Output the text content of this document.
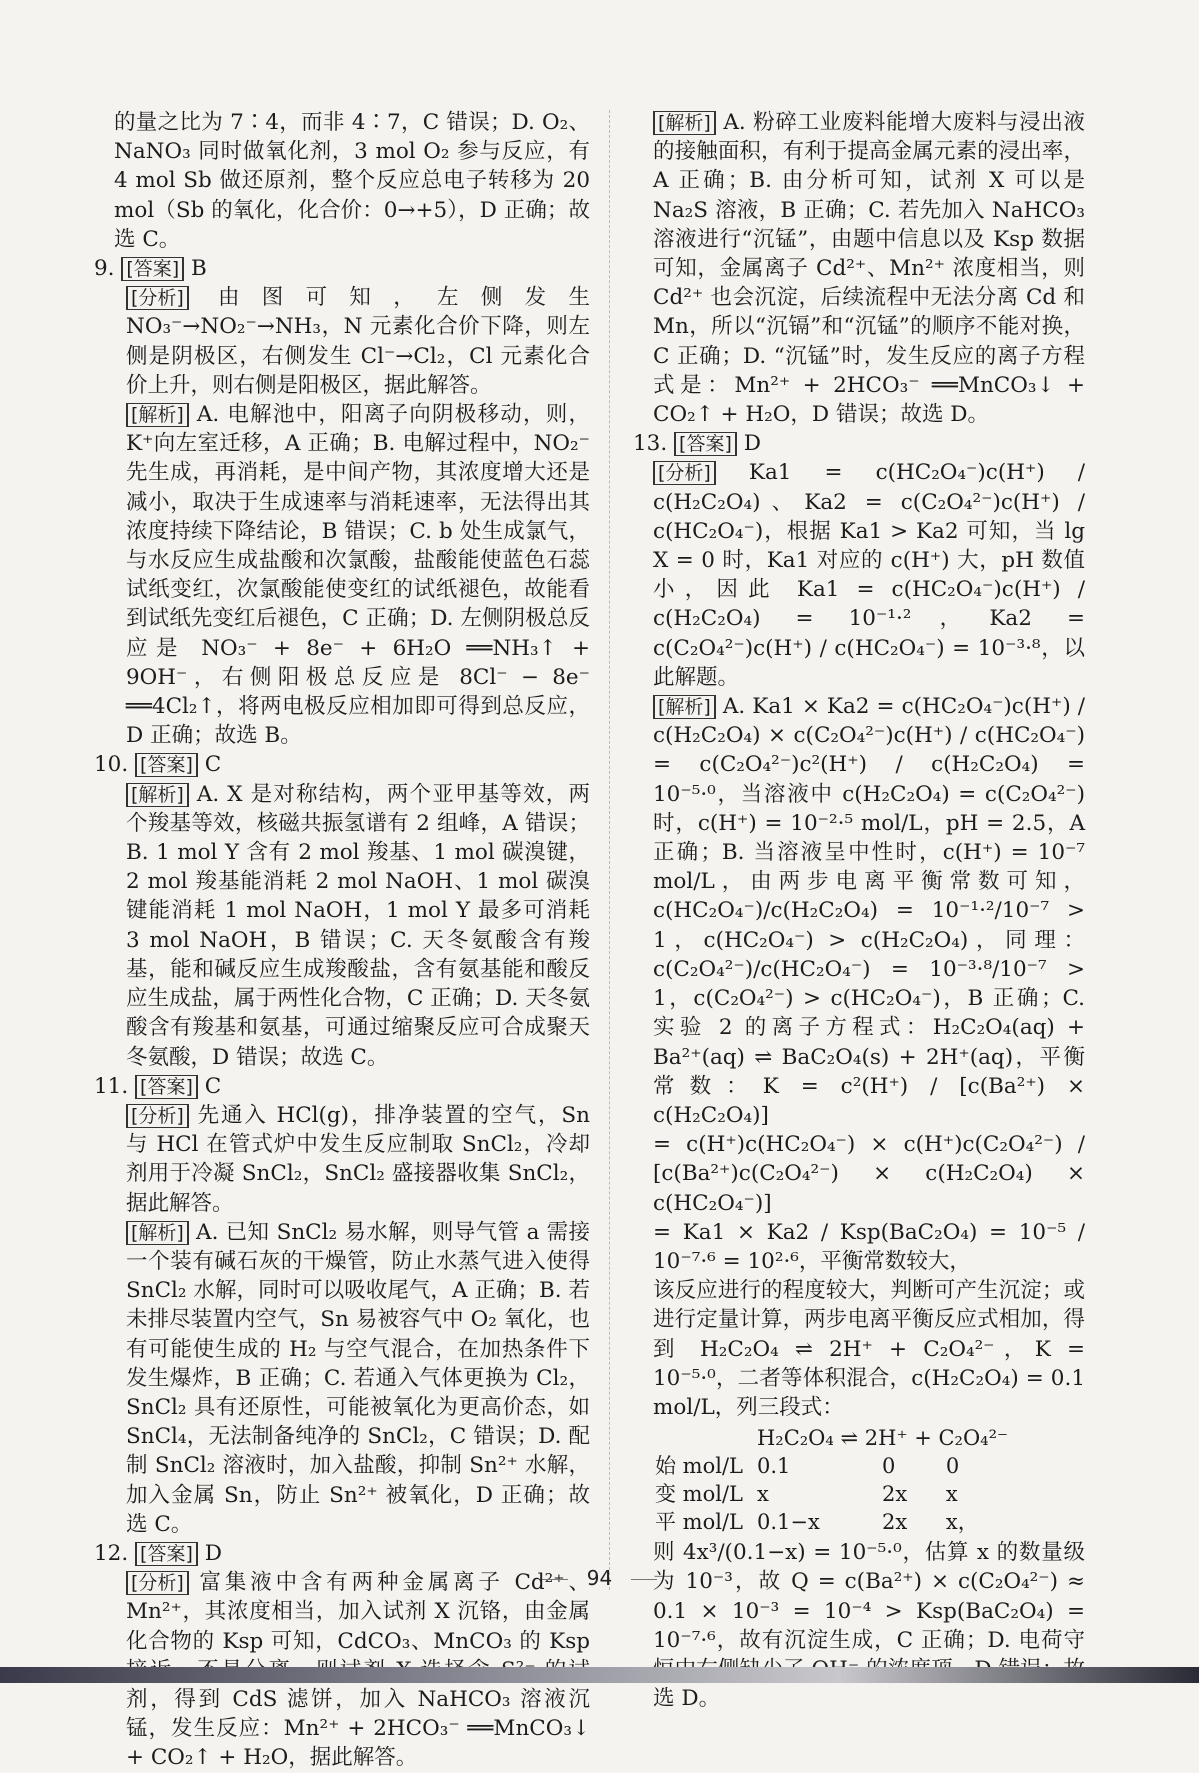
的量之比为 7∶4，而非 4∶7，C 错误；D. O₂、NaNO₃ 同时做氧化剂，3 mol O₂ 参与反应，有 4 mol Sb 做还原剂，整个反应总电子转移为 20 mol（Sb 的氧化，化合价：0→+5），D 正确；故选 C。

9. [答案] B

[分析] 由图可知，左侧发生 NO₃⁻→NO₂⁻→NH₃，N 元素化合价下降，则左侧是阴极区，右侧发生 Cl⁻→Cl₂，Cl 元素化合价上升，则右侧是阳极区，据此解答。

[解析] A. 电解池中，阳离子向阴极移动，则，K⁺向左室迁移，A 正确；B. 电解过程中，NO₂⁻ 先生成，再消耗，是中间产物，其浓度增大还是减小，取决于生成速率与消耗速率，无法得出其浓度持续下降结论，B 错误；C. b 处生成氯气，与水反应生成盐酸和次氯酸，盐酸能使蓝色石蕊试纸变红，次氯酸能使变红的试纸褪色，故能看到试纸先变红后褪色，C 正确；D. 左侧阴极总反应是 NO₃⁻ + 8e⁻ + 6H₂O ══NH₃↑ + 9OH⁻，右侧阳极总反应是 8Cl⁻ − 8e⁻ ══4Cl₂↑，将两电极反应相加即可得到总反应，D 正确；故选 B。

10. [答案] C

[解析] A. X 是对称结构，两个亚甲基等效，两个羧基等效，核磁共振氢谱有 2 组峰，A 错误；B. 1 mol Y 含有 2 mol 羧基、1 mol 碳溴键，2 mol 羧基能消耗 2 mol NaOH、1 mol 碳溴键能消耗 1 mol NaOH，1 mol Y 最多可消耗 3 mol NaOH，B 错误；C. 天冬氨酸含有羧基，能和碱反应生成羧酸盐，含有氨基能和酸反应生成盐，属于两性化合物，C 正确；D. 天冬氨酸含有羧基和氨基，可通过缩聚反应可合成聚天冬氨酸，D 错误；故选 C。

11. [答案] C

[分析] 先通入 HCl(g)，排净装置的空气，Sn 与 HCl 在管式炉中发生反应制取 SnCl₂，冷却剂用于冷凝 SnCl₂，SnCl₂ 盛接器收集 SnCl₂，据此解答。

[解析] A. 已知 SnCl₂ 易水解，则导气管 a 需接一个装有碱石灰的干燥管，防止水蒸气进入使得 SnCl₂ 水解，同时可以吸收尾气，A 正确；B. 若未排尽装置内空气，Sn 易被容气中 O₂ 氧化，也有可能使生成的 H₂ 与空气混合，在加热条件下发生爆炸，B 正确；C. 若通入气体更换为 Cl₂，SnCl₂ 具有还原性，可能被氧化为更高价态，如 SnCl₄，无法制备纯净的 SnCl₂，C 错误；D. 配制 SnCl₂ 溶液时，加入盐酸，抑制 Sn²⁺ 水解，加入金属 Sn，防止 Sn²⁺ 被氧化，D 正确；故选 C。

12. [答案] D

[分析] 富集液中含有两种金属离子 Cd²⁺、Mn²⁺，其浓度相当，加入试剂 X 沉铬，由金属化合物的 Ksp 可知，CdCO₃、MnCO₃ 的 Ksp 剂，得到 CdS 滤饼，加入 NaHCO₃ 溶液沉锰，发生反应：Mn²⁺ + 2HCO₃⁻ ══MnCO₃↓ + CO₂↑ + H₂O，据此解答。

[解析] A. 粉碎工业废料能增大废料与浸出液的接触面积，有利于提高金属元素的浸出率，A 正确；B. 由分析可知，试剂 X 可以是 Na₂S 溶液，B 正确；C. 若先加入 NaHCO₃ 溶液进行“沉锰”，由题中信息以及 Ksp 数据可知，金属离子 Cd²⁺、Mn²⁺ 浓度相当，则 Cd²⁺ 也会沉淀，后续流程中无法分离 Cd 和 Mn，所以“沉镉”和“沉锰”的顺序不能对换，C 正确；D. “沉锰”时，发生反应的离子方程式是：Mn²⁺ + 2HCO₃⁻ ══MnCO₃↓ + CO₂↑ + H₂O，D 错误；故选 D。

13. [答案] D

[分析] Ka1 = c(HC₂O₄⁻)c(H⁺) / c(H₂C₂O₄)、Ka2 = c(C₂O₄²⁻)c(H⁺) / c(HC₂O₄⁻)，根据 Ka1 > Ka2 可知，当 lg X = 0 时，Ka1 对应的 c(H⁺) 大，pH 数值小，因此 Ka1 = c(HC₂O₄⁻)c(H⁺) / c(H₂C₂O₄) = 10⁻¹·²，Ka2 = c(C₂O₄²⁻)c(H⁺) / c(HC₂O₄⁻) = 10⁻³·⁸，以此解题。

[解析] A. Ka1 × Ka2 = c(HC₂O₄⁻)c(H⁺) / c(H₂C₂O₄) × c(C₂O₄²⁻)c(H⁺) / c(HC₂O₄⁻) = c(C₂O₄²⁻)c²(H⁺) / c(H₂C₂O₄) = 10⁻⁵·⁰，当溶液中 c(H₂C₂O₄) = c(C₂O₄²⁻) 时，c(H⁺) = 10⁻²·⁵ mol/L，pH = 2.5，A 正确；B. 当溶液呈中性时，c(H⁺) = 10⁻⁷ mol/L，由两步电离平衡常数可知，c(HC₂O₄⁻)/c(H₂C₂O₄) = 10⁻¹·²/10⁻⁷ > 1，c(HC₂O₄⁻) > c(H₂C₂O₄)，同理：c(C₂O₄²⁻)/c(HC₂O₄⁻) = 10⁻³·⁸/10⁻⁷ > 1，c(C₂O₄²⁻) > c(HC₂O₄⁻)，B 正确；C. 实验 2 的离子方程式：H₂C₂O₄(aq) + Ba²⁺(aq) ⇌ BaC₂O₄(s) + 2H⁺(aq)，平衡常数：K = c²(H⁺) / [c(Ba²⁺) × c(H₂C₂O₄)]

= c(H⁺)c(HC₂O₄⁻) × c(H⁺)c(C₂O₄²⁻) / [c(Ba²⁺)c(C₂O₄²⁻) × c(H₂C₂O₄) × c(HC₂O₄⁻)]

= Ka1 × Ka2 / Ksp(BaC₂O₄) = 10⁻⁵ / 10⁻⁷·⁶ = 10²·⁶，平衡常数较大，

该反应进行的程度较大，判断可产生沉淀；或进行定量计算，两步电离平衡反应式相加，得到 H₂C₂O₄ ⇌ 2H⁺ + C₂O₄²⁻，K = 10⁻⁵·⁰，二者等体积混合，c(H₂C₂O₄) = 0.1 mol/L，列三段式：

	H₂C₂O₄ ⇌ 2H⁺ + C₂O₄²⁻		
始 mol/L	0.1	0	0
变 mol/L	x	2x	x
平 mol/L	0.1−x	2x	x，

则 4x³/(0.1−x) = 10⁻⁵·⁰，估算 x 的数量级为 10⁻³，故 Q = c(Ba²⁺) × c(C₂O₄²⁻) ≈ 0.1 × 10⁻³ = 10⁻⁴ > Ksp(BaC₂O₄) = 10⁻⁷·⁶，故有沉淀生成，C 正确；D. 电荷守 选 D。

94
